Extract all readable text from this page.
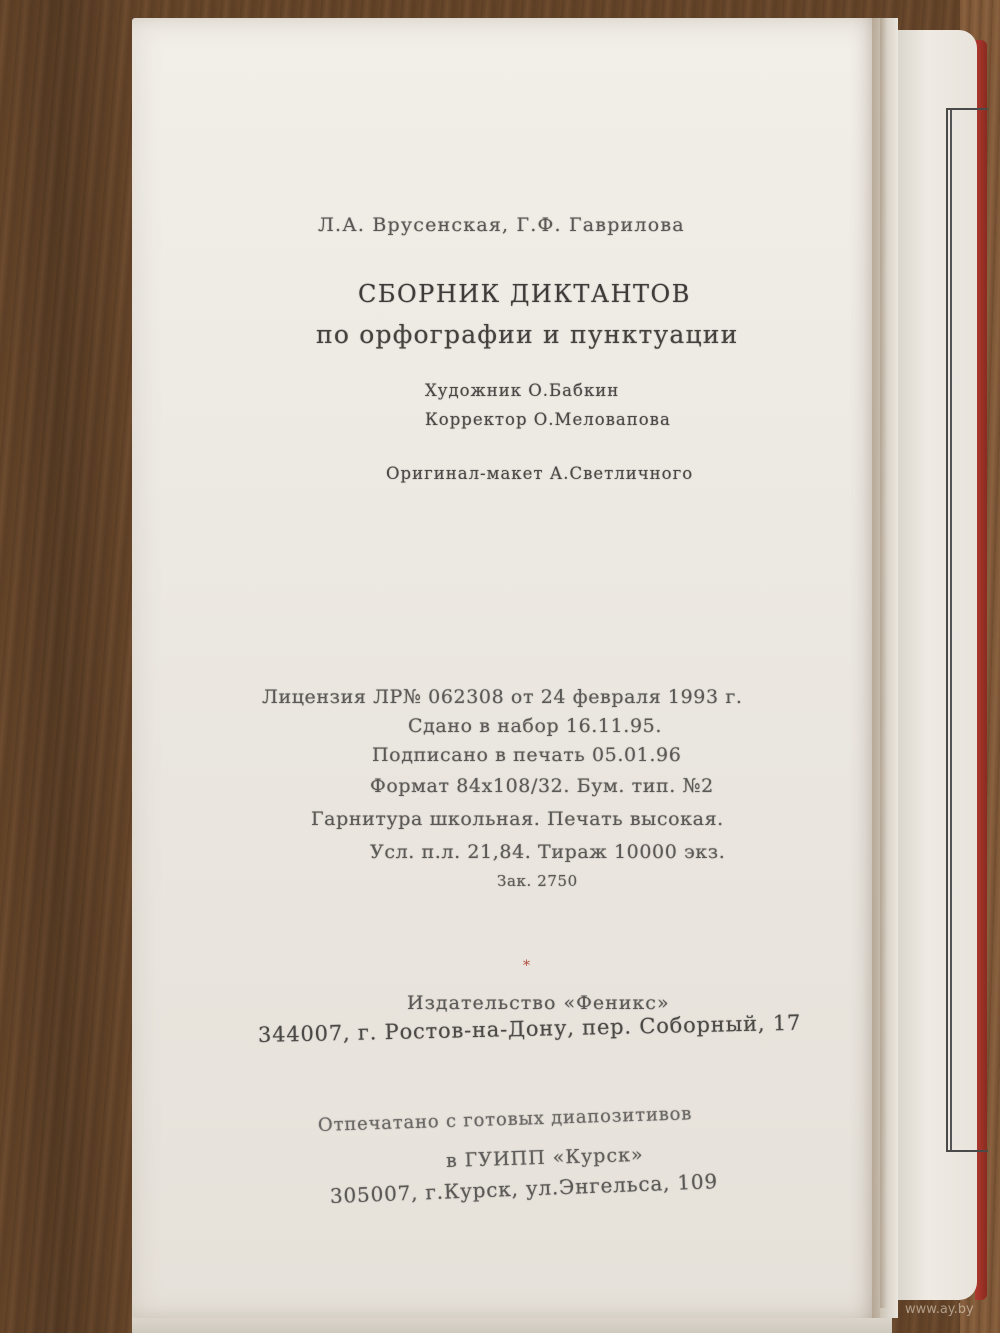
Л.А. Врусенская, Г.Ф. Гаврилова
СБОРНИК ДИКТАНТОВ
по орфографии и пунктуации
Художник О.Бабкин
Корректор О.Меловапова
Оригинал-макет А.Светличного
Лицензия ЛР№ 062308 от 24 февраля 1993 г.
Сдано в набор 16.11.95.
Подписано в печать 05.01.96
Формат 84х108/32. Бум. тип. №2
Гарнитура школьная. Печать высокая.
Усл. п.л. 21,84. Тираж 10000 экз.
Зак. 2750
*
Издательство «Феникс»
344007, г. Ростов-на-Дону, пер. Соборный, 17
Отпечатано с готовых диапозитивов
в ГУИПП «Курск»
305007, г.Курск, ул.Энгельса, 109
www.ay.by
